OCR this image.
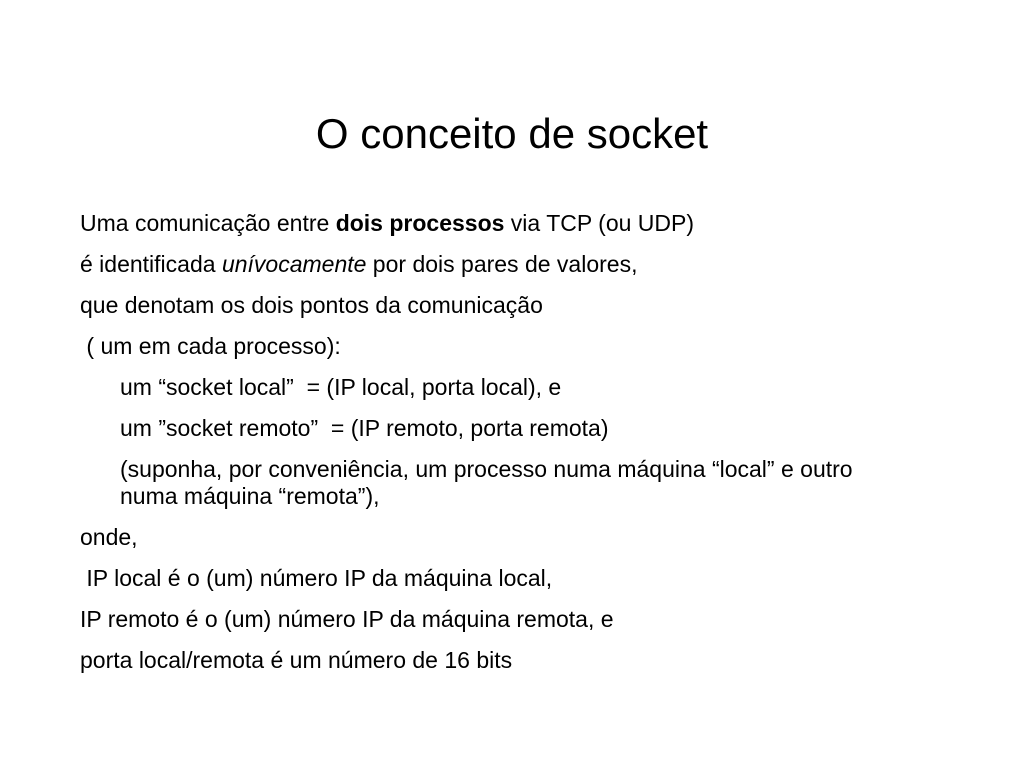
O conceito de socket

Uma comunicação entre dois processos via TCP (ou UDP)

é identificada unívocamente por dois pares de valores,

que denotam os dois pontos da comunicação

( um em cada processo):

um “socket local”  = (IP local, porta local), e

um ”socket remoto”  = (IP remoto, porta remota)

(suponha, por conveniência, um processo numa máquina “local” e outro numa máquina “remota”),

onde,

IP local é o (um) número IP da máquina local,

IP remoto é o (um) número IP da máquina remota, e

porta local/remota é um número de 16 bits
